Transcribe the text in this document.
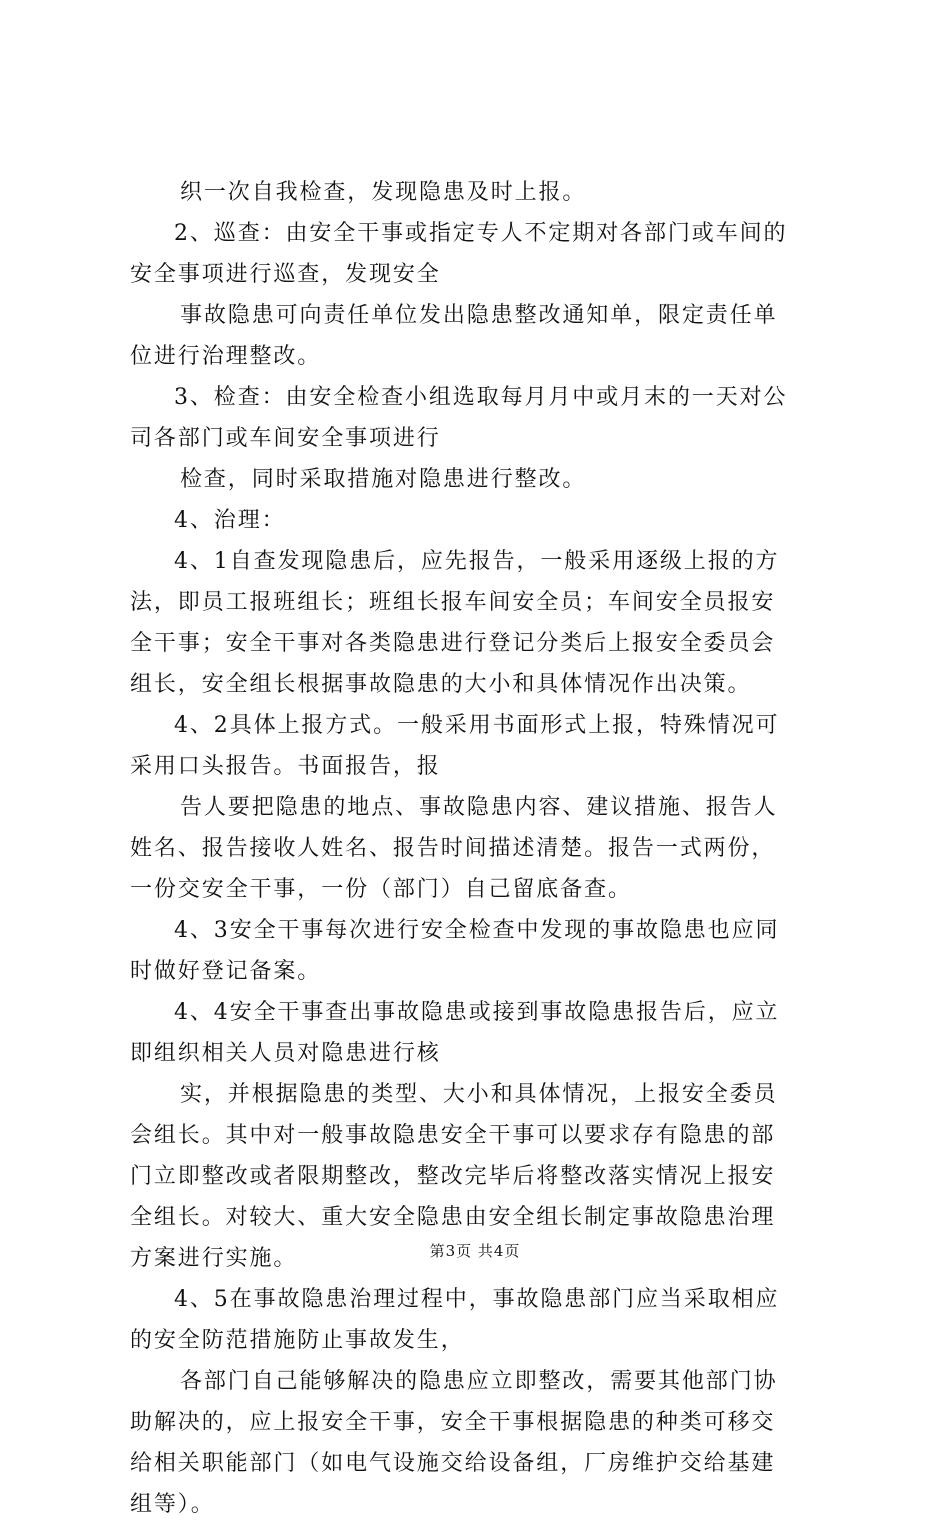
织一次自我检查，发现隐患及时上报。
2、巡查：由安全干事或指定专人不定期对各部门或车间的
安全事项进行巡查，发现安全
事故隐患可向责任单位发出隐患整改通知单，限定责任单
位进行治理整改。
3、检查：由安全检查小组选取每月月中或月末的一天对公
司各部门或车间安全事项进行
检查，同时采取措施对隐患进行整改。
4、治理：
4、1自查发现隐患后，应先报告，一般采用逐级上报的方
法，即员工报班组长；班组长报车间安全员；车间安全员报安
全干事；安全干事对各类隐患进行登记分类后上报安全委员会
组长，安全组长根据事故隐患的大小和具体情况作出决策。
4、2具体上报方式。一般采用书面形式上报，特殊情况可
采用口头报告。书面报告，报
告人要把隐患的地点、事故隐患内容、建议措施、报告人
姓名、报告接收人姓名、报告时间描述清楚。报告一式两份，
一份交安全干事，一份（部门）自己留底备查。
4、3安全干事每次进行安全检查中发现的事故隐患也应同
时做好登记备案。
4、4安全干事查出事故隐患或接到事故隐患报告后，应立
即组织相关人员对隐患进行核
实，并根据隐患的类型、大小和具体情况，上报安全委员
会组长。其中对一般事故隐患安全干事可以要求存有隐患的部
门立即整改或者限期整改，整改完毕后将整改落实情况上报安
全组长。对较大、重大安全隐患由安全组长制定事故隐患治理
方案进行实施。
4、5在事故隐患治理过程中，事故隐患部门应当采取相应
的安全防范措施防止事故发生，
各部门自己能够解决的隐患应立即整改，需要其他部门协
助解决的，应上报安全干事，安全干事根据隐患的种类可移交
给相关职能部门（如电气设施交给设备组，厂房维护交给基建
组等）。
第3页 共4页
